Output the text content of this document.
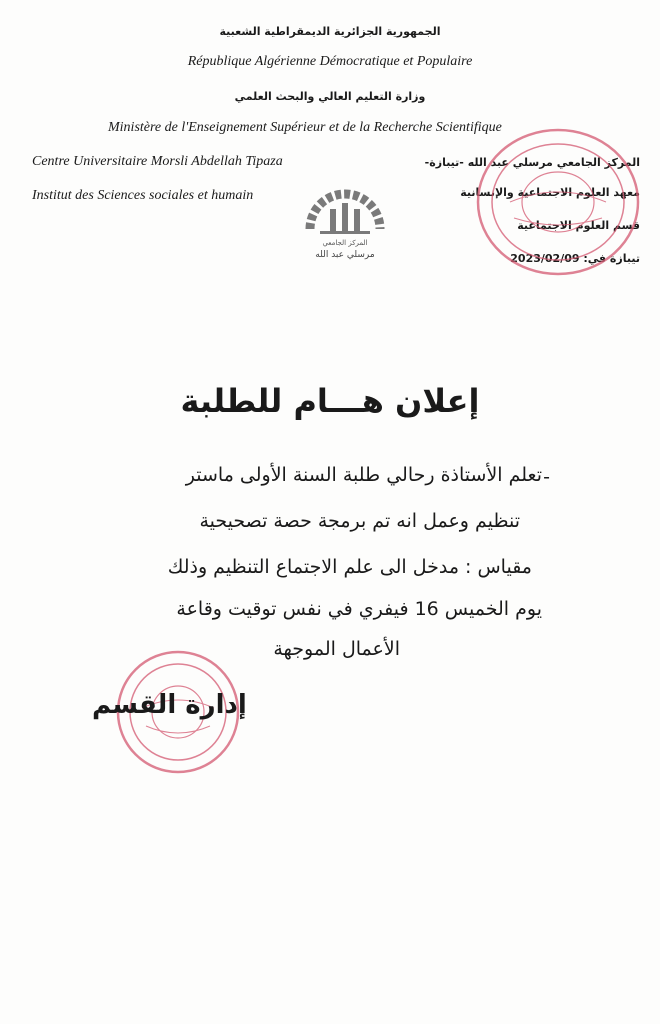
الجمهورية الجزائرية الديمقراطية الشعبية
République Algérienne Démocratique et Populaire
وزارة التعليم العالي والبحث العلمي
Ministère de l'Enseignement Supérieur et de la Recherche Scientifique
Centre Universitaire Morsli Abdellah Tipaza
Institut des Sciences sociales et humain
المركز الجامعي مرسلي عبد الله -تيبازة-
معهد العلوم الاجتماعية والإنسانية
قسم العلوم الاجتماعية
تيبازة في: 2023/02/09
المركز الجامعي
مرسلي عبد الله
إعلان هـــام للطلبة
-
تعلم الأستاذة رحالي طلبة السنة الأولى ماستر
تنظيم وعمل انه تم برمجة حصة تصحيحية
مقياس : مدخل الى علم الاجتماع التنظيم وذلك
يوم الخميس 16 فيفري في نفس توقيت وقاعة
الأعمال الموجهة
إدارة القسم
